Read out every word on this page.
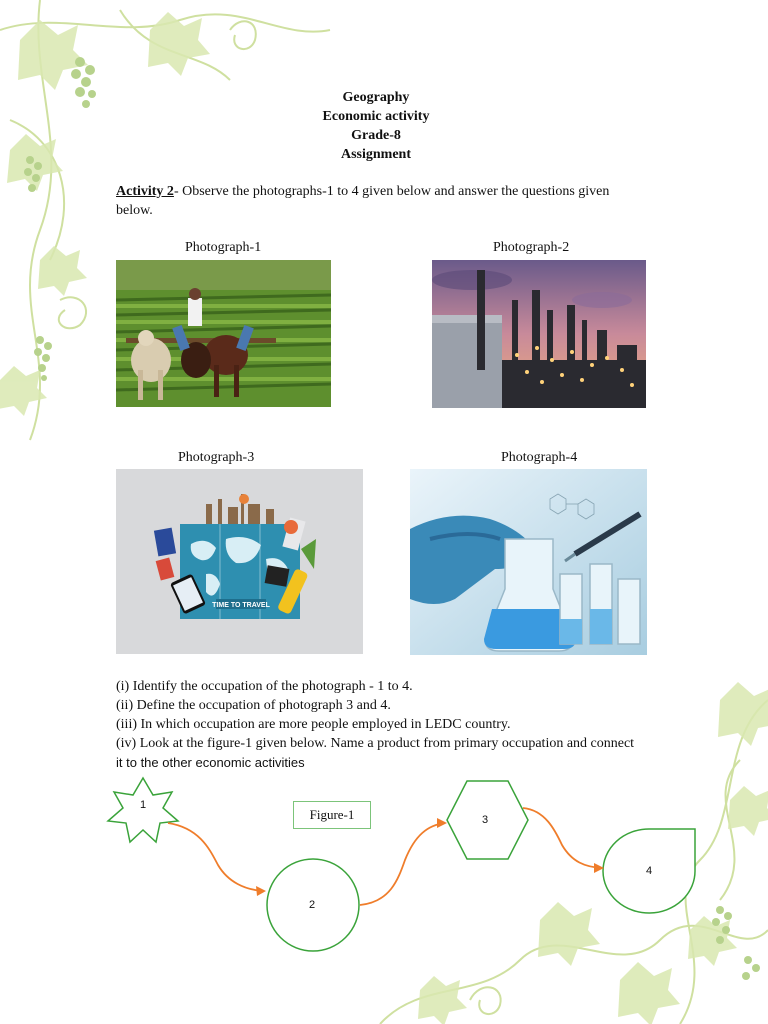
Geography
Economic activity
Grade-8
Assignment
Activity 2- Observe the photographs-1 to 4 given below and answer the questions given below.
Photograph-1	Photograph-2
Photograph-3	Photograph-4
TIME TO TRAVEL
(i) Identify the occupation of the photograph - 1 to 4.
(ii) Define the occupation of photograph 3 and 4.
(iii) In which occupation are more people employed in LEDC country.
(iv) Look at the figure-1 given below. Name a product from primary occupation and connect
it to the other economic activities
1
2
3
4
Figure-1
